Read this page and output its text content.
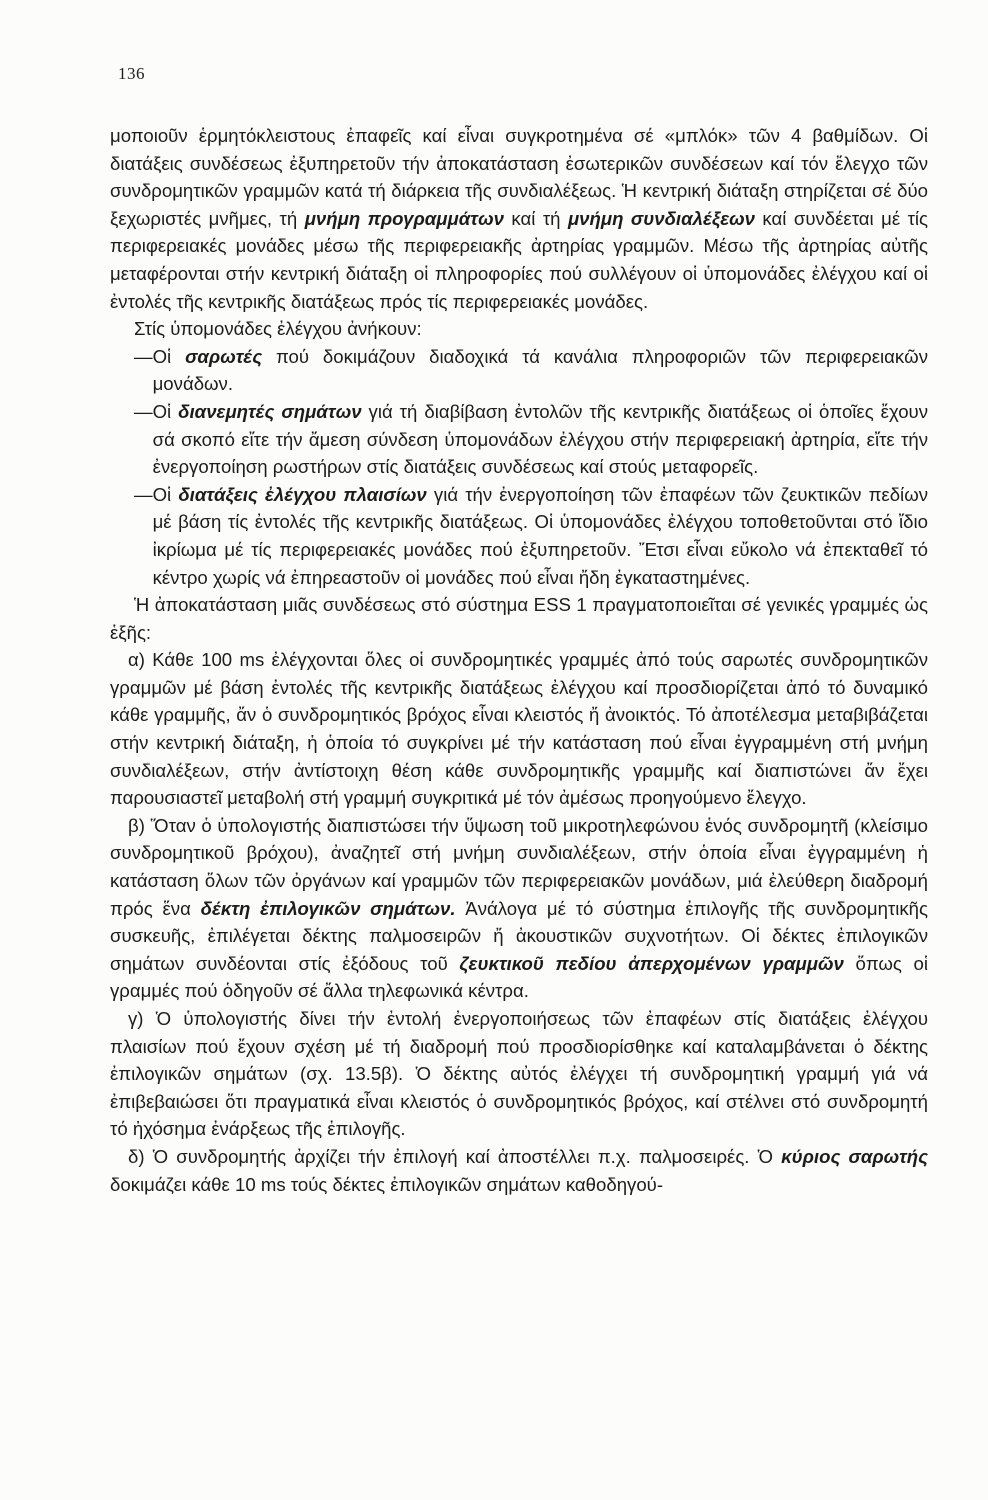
136

μοποιοῦν ἑρμητόκλειστους ἐπαφεῖς καί εἶναι συγκροτημένα σέ «μπλόκ» τῶν 4 βαθμίδων. Οἱ διατάξεις συνδέσεως ἐξυπηρετοῦν τήν ἀποκατάσταση ἐσωτερικῶν συνδέσεων καί τόν ἔλεγχο τῶν συνδρομητικῶν γραμμῶν κατά τή διάρκεια τῆς συνδιαλέξεως. Ἡ κεντρική διάταξη στηρίζεται σέ δύο ξεχωριστές μνῆμες, τή μνήμη προγραμμάτων καί τή μνήμη συνδιαλέξεων καί συνδέεται μέ τίς περιφερειακές μονάδες μέσω τῆς περιφερειακῆς ἀρτηρίας γραμμῶν. Μέσω τῆς ἀρτηρίας αὐτῆς μεταφέρονται στήν κεντρική διάταξη οἱ πληροφορίες πού συλλέγουν οἱ ὑπομονάδες ἐλέγχου καί οἱ ἐντολές τῆς κεντρικῆς διατάξεως πρός τίς περιφερειακές μονάδες.

Στίς ὑπομονάδες ἐλέγχου ἀνήκουν:

— Οἱ σαρωτές πού δοκιμάζουν διαδοχικά τά κανάλια πληροφοριῶν τῶν περιφερειακῶν μονάδων.
— Οἱ διανεμητές σημάτων γιά τή διαβίβαση ἐντολῶν τῆς κεντρικῆς διατάξεως οἱ ὁποῖες ἔχουν σά σκοπό εἴτε τήν ἄμεση σύνδεση ὑπομονάδων ἐλέγχου στήν περιφερειακή ἀρτηρία, εἴτε τήν ἐνεργοποίηση ρωστήρων στίς διατάξεις συνδέσεως καί στούς μεταφορεῖς.
— Οἱ διατάξεις ἐλέγχου πλαισίων γιά τήν ἐνεργοποίηση τῶν ἐπαφέων τῶν ζευκτικῶν πεδίων μέ βάση τίς ἐντολές τῆς κεντρικῆς διατάξεως. Οἱ ὑπομονάδες ἐλέγχου τοποθετοῦνται στό ἴδιο ἰκρίωμα μέ τίς περιφερειακές μονάδες πού ἐξυπηρετοῦν. Ἔτσι εἶναι εὔκολο νά ἐπεκταθεῖ τό κέντρο χωρίς νά ἐπηρεαστοῦν οἱ μονάδες πού εἶναι ἤδη ἐγκαταστημένες.

Ἡ ἀποκατάσταση μιᾶς συνδέσεως στό σύστημα ESS 1 πραγματοποιεῖται σέ γενικές γραμμές ὡς ἑξῆς:

α) Κάθε 100 ms ἐλέγχονται ὅλες οἱ συνδρομητικές γραμμές ἀπό τούς σαρωτές συνδρομητικῶν γραμμῶν μέ βάση ἐντολές τῆς κεντρικῆς διατάξεως ἐλέγχου καί προσδιορίζεται ἀπό τό δυναμικό κάθε γραμμῆς, ἄν ὁ συνδρομητικός βρόχος εἶναι κλειστός ἤ ἀνοικτός. Τό ἀποτέλεσμα μεταβιβάζεται στήν κεντρική διάταξη, ἡ ὁποία τό συγκρίνει μέ τήν κατάσταση πού εἶναι ἐγγραμμένη στή μνήμη συνδιαλέξεων, στήν ἀντίστοιχη θέση κάθε συνδρομητικῆς γραμμῆς καί διαπιστώνει ἄν ἔχει παρουσιαστεῖ μεταβολή στή γραμμή συγκριτικά μέ τόν ἀμέσως προηγούμενο ἔλεγχο.

β) Ὅταν ὁ ὑπολογιστής διαπιστώσει τήν ὕψωση τοῦ μικροτηλεφώνου ἑνός συνδρομητῆ (κλείσιμο συνδρομητικοῦ βρόχου), ἀναζητεῖ στή μνήμη συνδιαλέξεων, στήν ὁποία εἶναι ἐγγραμμένη ἡ κατάσταση ὅλων τῶν ὀργάνων καί γραμμῶν τῶν περιφερειακῶν μονάδων, μιά ἐλεύθερη διαδρομή πρός ἕνα δέκτη ἐπιλογικῶν σημάτων. Ἀνάλογα μέ τό σύστημα ἐπιλογῆς τῆς συνδρομητικῆς συσκευῆς, ἐπιλέγεται δέκτης παλμοσειρῶν ἤ ἀκουστικῶν συχνοτήτων. Οἱ δέκτες ἐπιλογικῶν σημάτων συνδέονται στίς ἐξόδους τοῦ ζευκτικοῦ πεδίου ἀπερχομένων γραμμῶν ὅπως οἱ γραμμές πού ὁδηγοῦν σέ ἄλλα τηλεφωνικά κέντρα.

γ) Ὁ ὑπολογιστής δίνει τήν ἐντολή ἐνεργοποιήσεως τῶν ἐπαφέων στίς διατάξεις ἐλέγχου πλαισίων πού ἔχουν σχέση μέ τή διαδρομή πού προσδιορίσθηκε καί καταλαμβάνεται ὁ δέκτης ἐπιλογικῶν σημάτων (σχ. 13.5β). Ὁ δέκτης αὐτός ἐλέγχει τή συνδρομητική γραμμή γιά νά ἐπιβεβαιώσει ὅτι πραγματικά εἶναι κλειστός ὁ συνδρομητικός βρόχος, καί στέλνει στό συνδρομητή τό ἠχόσημα ἐνάρξεως τῆς ἐπιλογῆς.

δ) Ὁ συνδρομητής ἀρχίζει τήν ἐπιλογή καί ἀποστέλλει π.χ. παλμοσειρές. Ὁ κύριος σαρωτής δοκιμάζει κάθε 10 ms τούς δέκτες ἐπιλογικῶν σημάτων καθοδηγού-
